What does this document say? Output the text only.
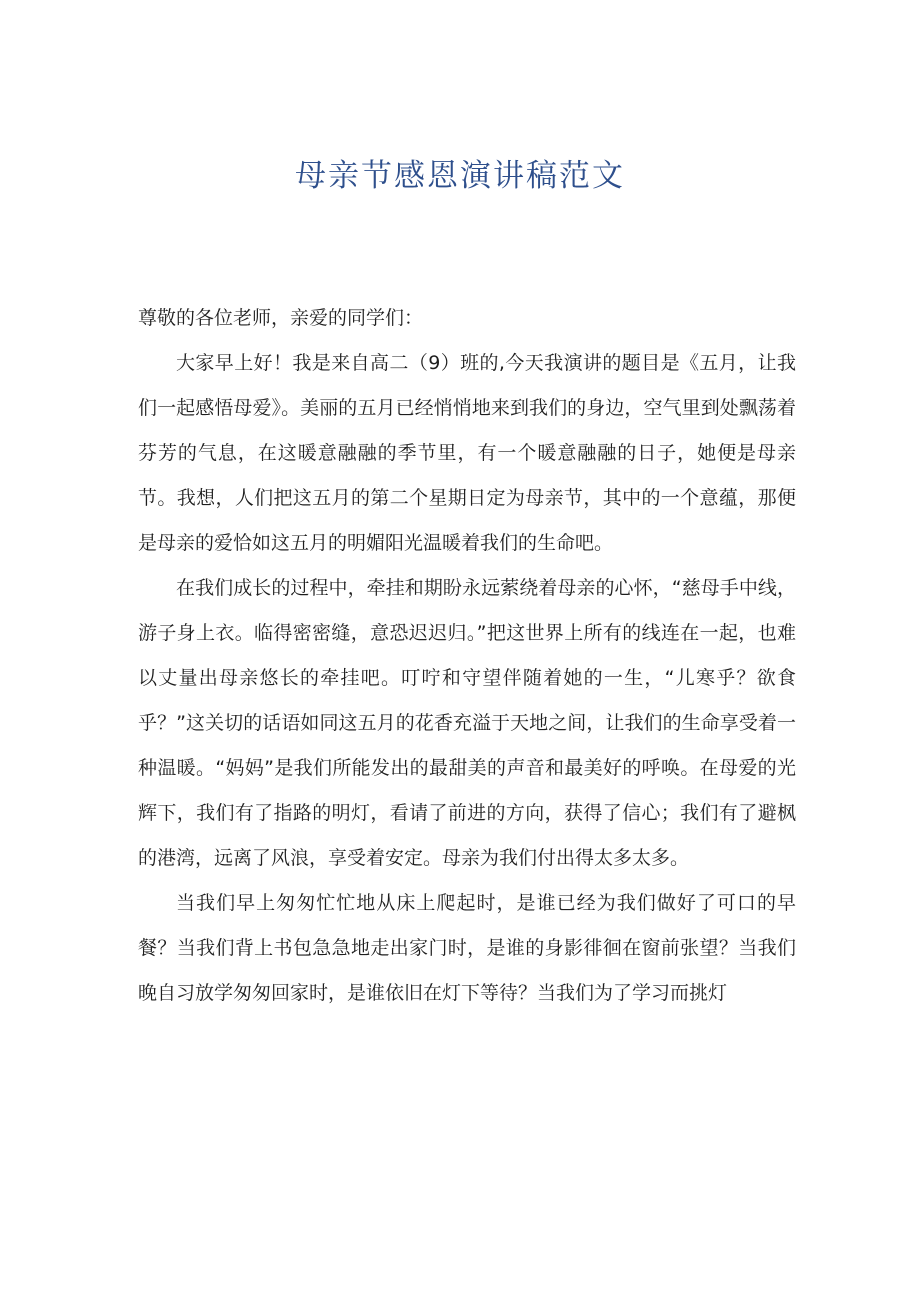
母亲节感恩演讲稿范文

尊敬的各位老师，亲爱的同学们：

大家早上好！我是来自高二（9）班的,今天我演讲的题目是《五月，让我们一起感悟母爱》。美丽的五月已经悄悄地来到我们的身边，空气里到处飘荡着芬芳的气息，在这暖意融融的季节里，有一个暖意融融的日子，她便是母亲节。我想，人们把这五月的第二个星期日定为母亲节，其中的一个意蕴，那便是母亲的爱恰如这五月的明媚阳光温暖着我们的生命吧。

在我们成长的过程中，牵挂和期盼永远萦绕着母亲的心怀，“慈母手中线，游子身上衣。临得密密缝，意恐迟迟归。”把这世界上所有的线连在一起，也难以丈量出母亲悠长的牵挂吧。叮咛和守望伴随着她的一生，“儿寒乎？欲食乎？”这关切的话语如同这五月的花香充溢于天地之间，让我们的生命享受着一种温暖。“妈妈”是我们所能发出的最甜美的声音和最美好的呼唤。在母爱的光辉下，我们有了指路的明灯，看请了前进的方向，获得了信心；我们有了避枫的港湾，远离了风浪，享受着安定。母亲为我们付出得太多太多。

当我们早上匆匆忙忙地从床上爬起时，是谁已经为我们做好了可口的早餐？当我们背上书包急急地走出家门时，是谁的身影徘徊在窗前张望？当我们晚自习放学匆匆回家时，是谁依旧在灯下等待？当我们为了学习而挑灯
